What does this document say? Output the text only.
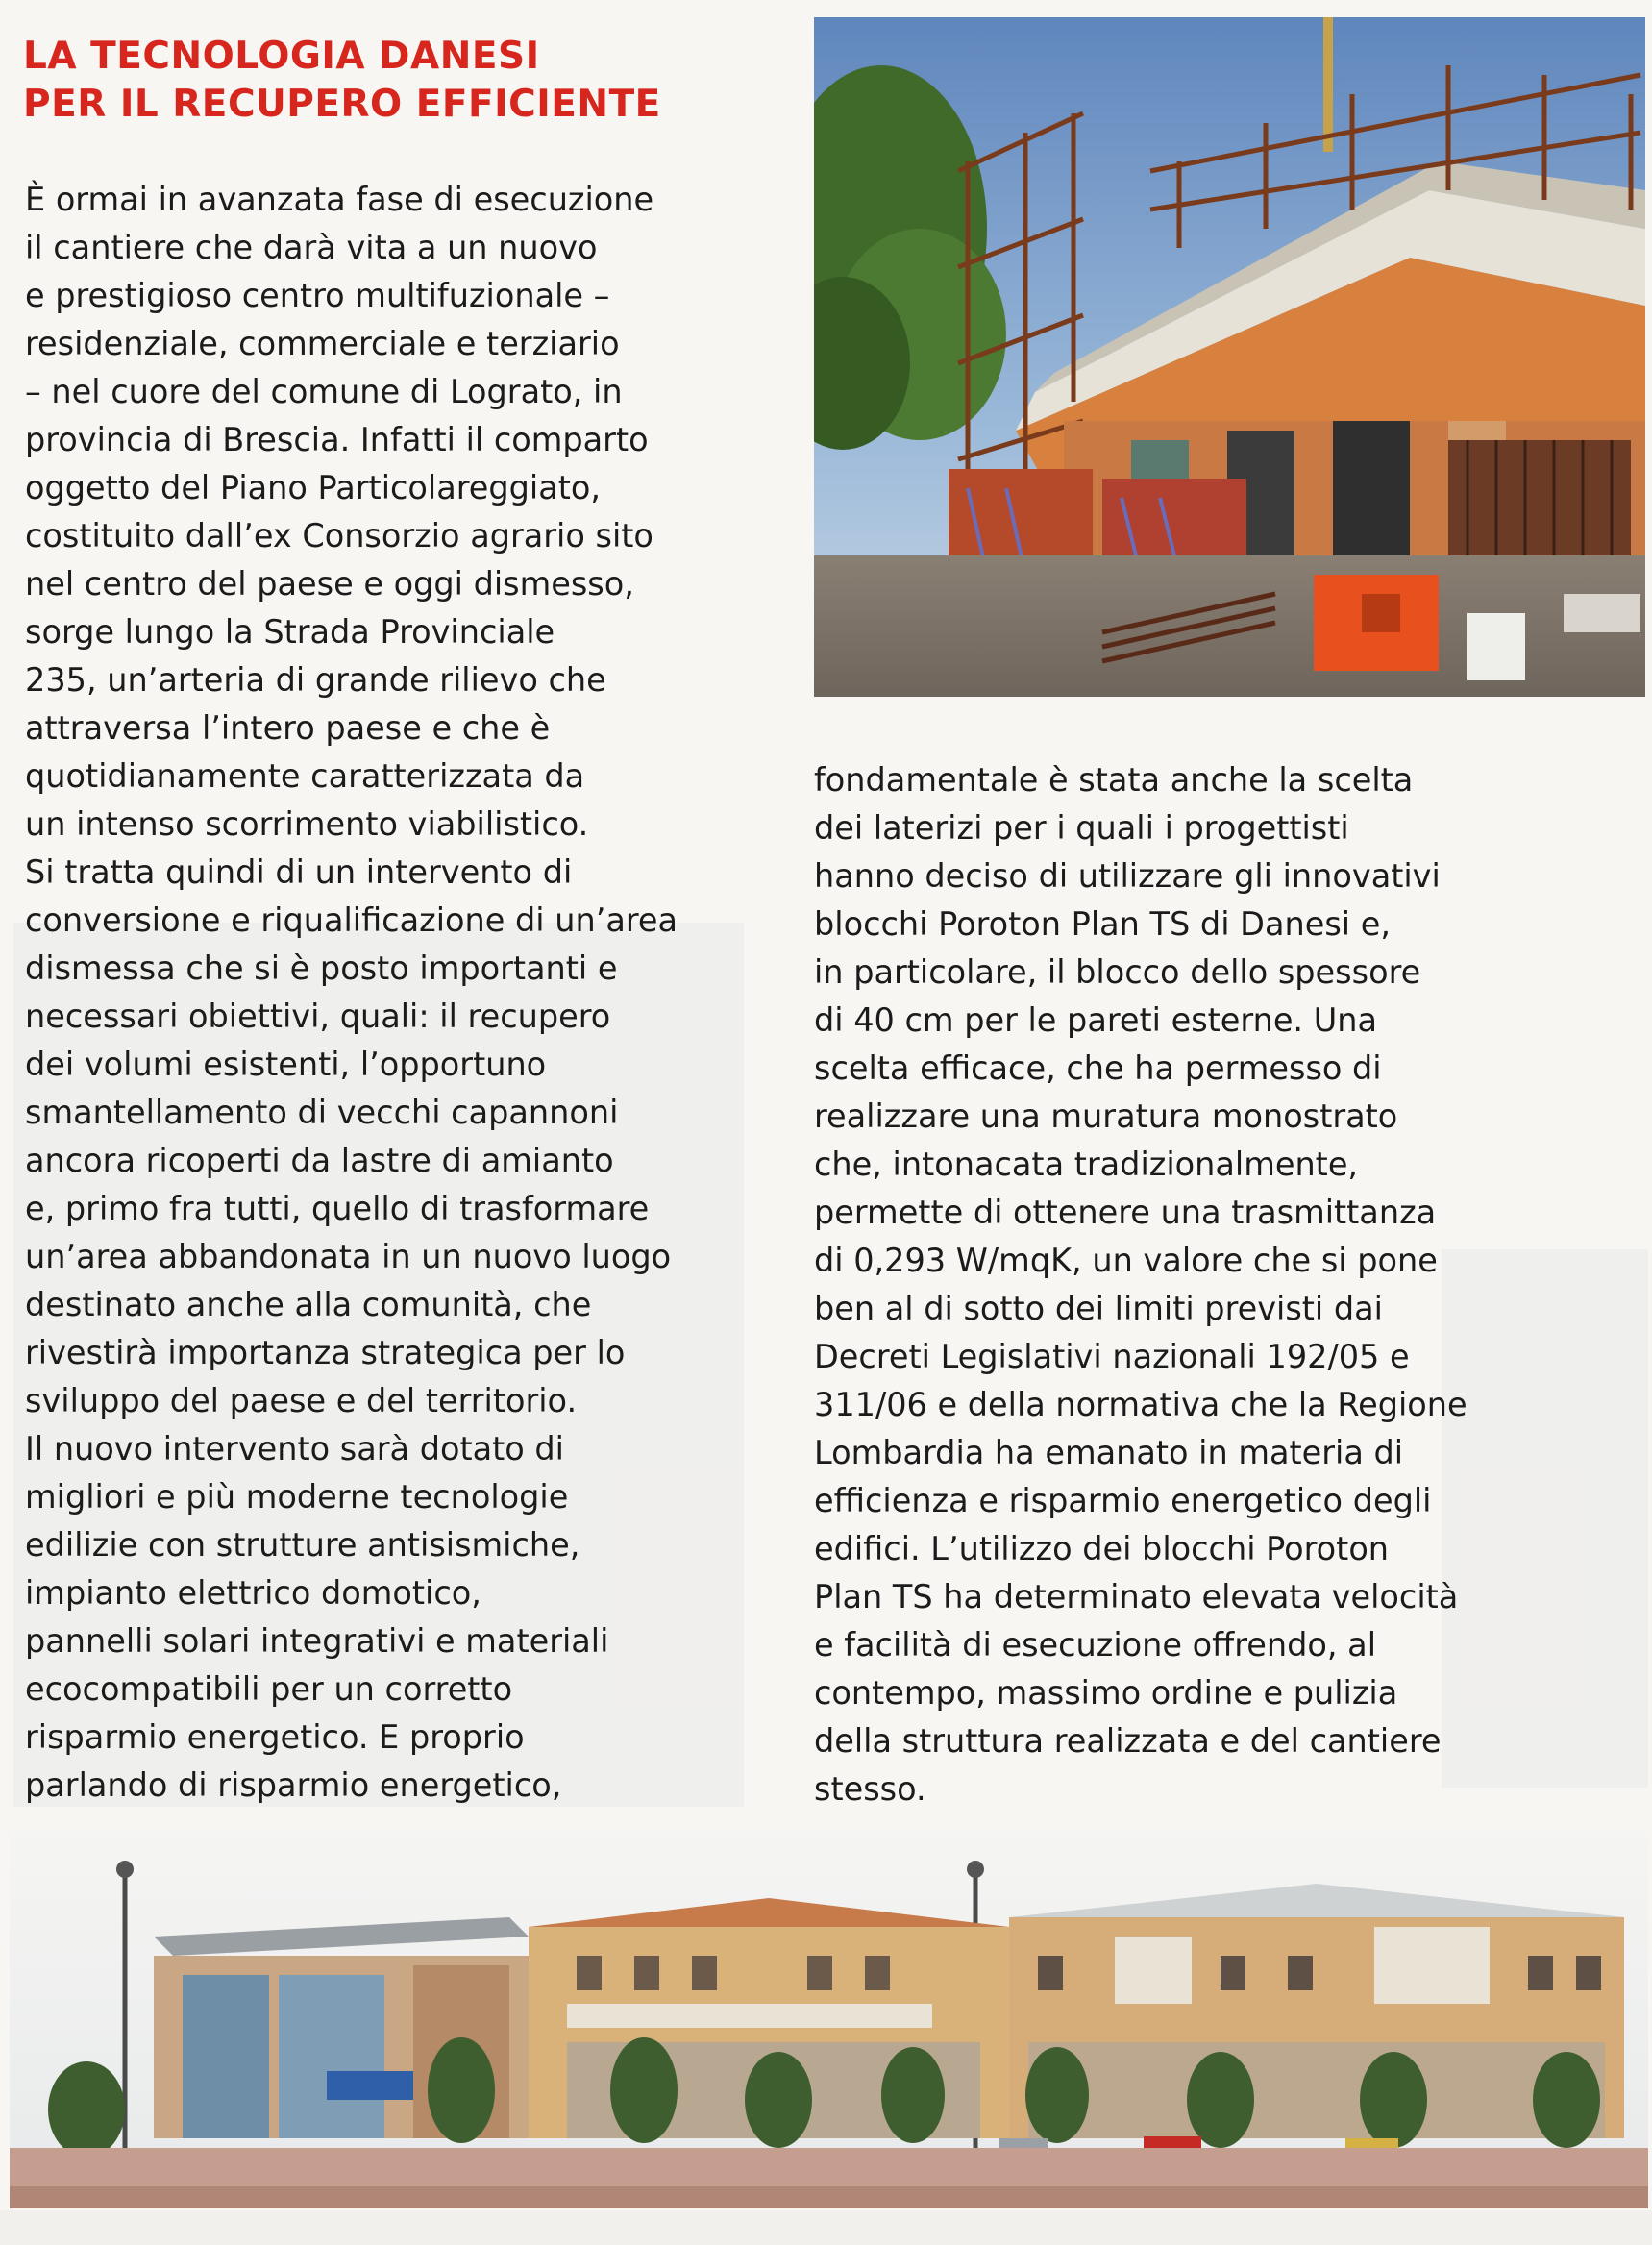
LA TECNOLOGIA DANESI
PER IL RECUPERO EFFICIENTE
È ormai in avanzata fase di esecuzione
il cantiere che darà vita a un nuovo
e prestigioso centro multifuzionale –
residenziale, commerciale e terziario
– nel cuore del comune di Lograto, in
provincia di Brescia. Infatti il comparto
oggetto del Piano Particolareggiato,
costituito dall’ex Consorzio agrario sito
nel centro del paese e oggi dismesso,
sorge lungo la Strada Provinciale
235, un’arteria di grande rilievo che
attraversa l’intero paese e che è
quotidianamente caratterizzata da
un intenso scorrimento viabilistico.
Si tratta quindi di un intervento di
conversione e riqualificazione di un’area
dismessa che si è posto importanti e
necessari obiettivi, quali: il recupero
dei volumi esistenti, l’opportuno
smantellamento di vecchi capannoni
ancora ricoperti da lastre di amianto
e, primo fra tutti, quello di trasformare
un’area abbandonata in un nuovo luogo
destinato anche alla comunità, che
rivestirà importanza strategica per lo
sviluppo del paese e del territorio.
Il nuovo intervento sarà dotato di
migliori e più moderne tecnologie
edilizie con strutture antisismiche,
impianto elettrico domotico,
pannelli solari integrativi e materiali
ecocompatibili per un corretto
risparmio energetico. E proprio
parlando di risparmio energetico,
fondamentale è stata anche la scelta
dei laterizi per i quali i progettisti
hanno deciso di utilizzare gli innovativi
blocchi Poroton Plan TS di Danesi e,
in particolare, il blocco dello spessore
di 40 cm per le pareti esterne. Una
scelta efficace, che ha permesso di
realizzare una muratura monostrato
che, intonacata tradizionalmente,
permette di ottenere una trasmittanza
di 0,293 W/mqK, un valore che si pone
ben al di sotto dei limiti previsti dai
Decreti Legislativi nazionali 192/05 e
311/06 e della normativa che la Regione
Lombardia ha emanato in materia di
efficienza e risparmio energetico degli
edifici. L’utilizzo dei blocchi Poroton
Plan TS ha determinato elevata velocità
e facilità di esecuzione offrendo, al
contempo, massimo ordine e pulizia
della struttura realizzata e del cantiere
stesso.
